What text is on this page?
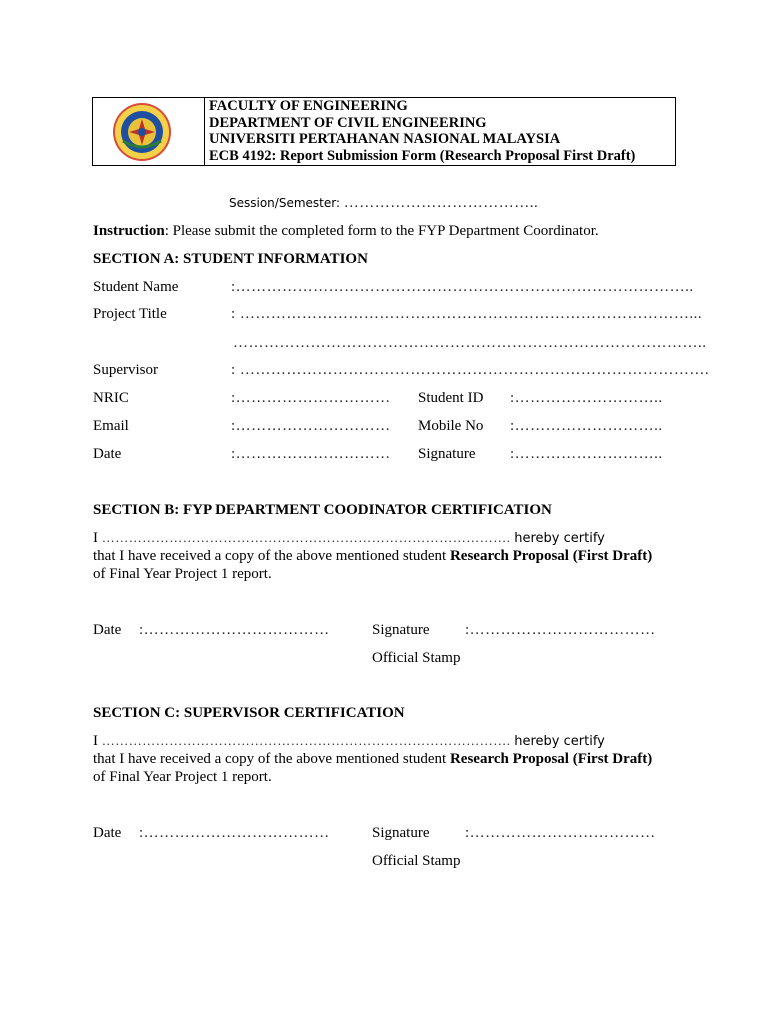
FACULTY OF ENGINEERING
DEPARTMENT OF CIVIL ENGINEERING
UNIVERSITI PERTAHANAN NASIONAL MALAYSIA
ECB 4192: Report Submission Form (Research Proposal First Draft)
Session/Semester: ………………………………..
Instruction: Please submit the completed form to the FYP Department Coordinator.
SECTION A: STUDENT INFORMATION
Student Name	:……………………………………………………………………………..
Project Title	: ……………………………………………………………………………...
………………………………………………………………………………..
Supervisor	: ……………………………………………………………………………….
NRIC	:………………………… Student ID :………………………..
Email	:………………………… Mobile No :………………………..
Date	:………………………… Signature :………………………..
SECTION B: FYP DEPARTMENT COODINATOR CERTIFICATION
I ………………………………………………………………………………. hereby certify
that I have received a copy of the above mentioned student Research Proposal (First Draft)
of Final Year Project 1 report.
Date :………………………………	Signature :………………………………
Official Stamp
SECTION C: SUPERVISOR CERTIFICATION
I ………………………………………………………………………………. hereby certify
that I have received a copy of the above mentioned student Research Proposal (First Draft)
of Final Year Project 1 report.
Date :………………………………	Signature :………………………………
Official Stamp
